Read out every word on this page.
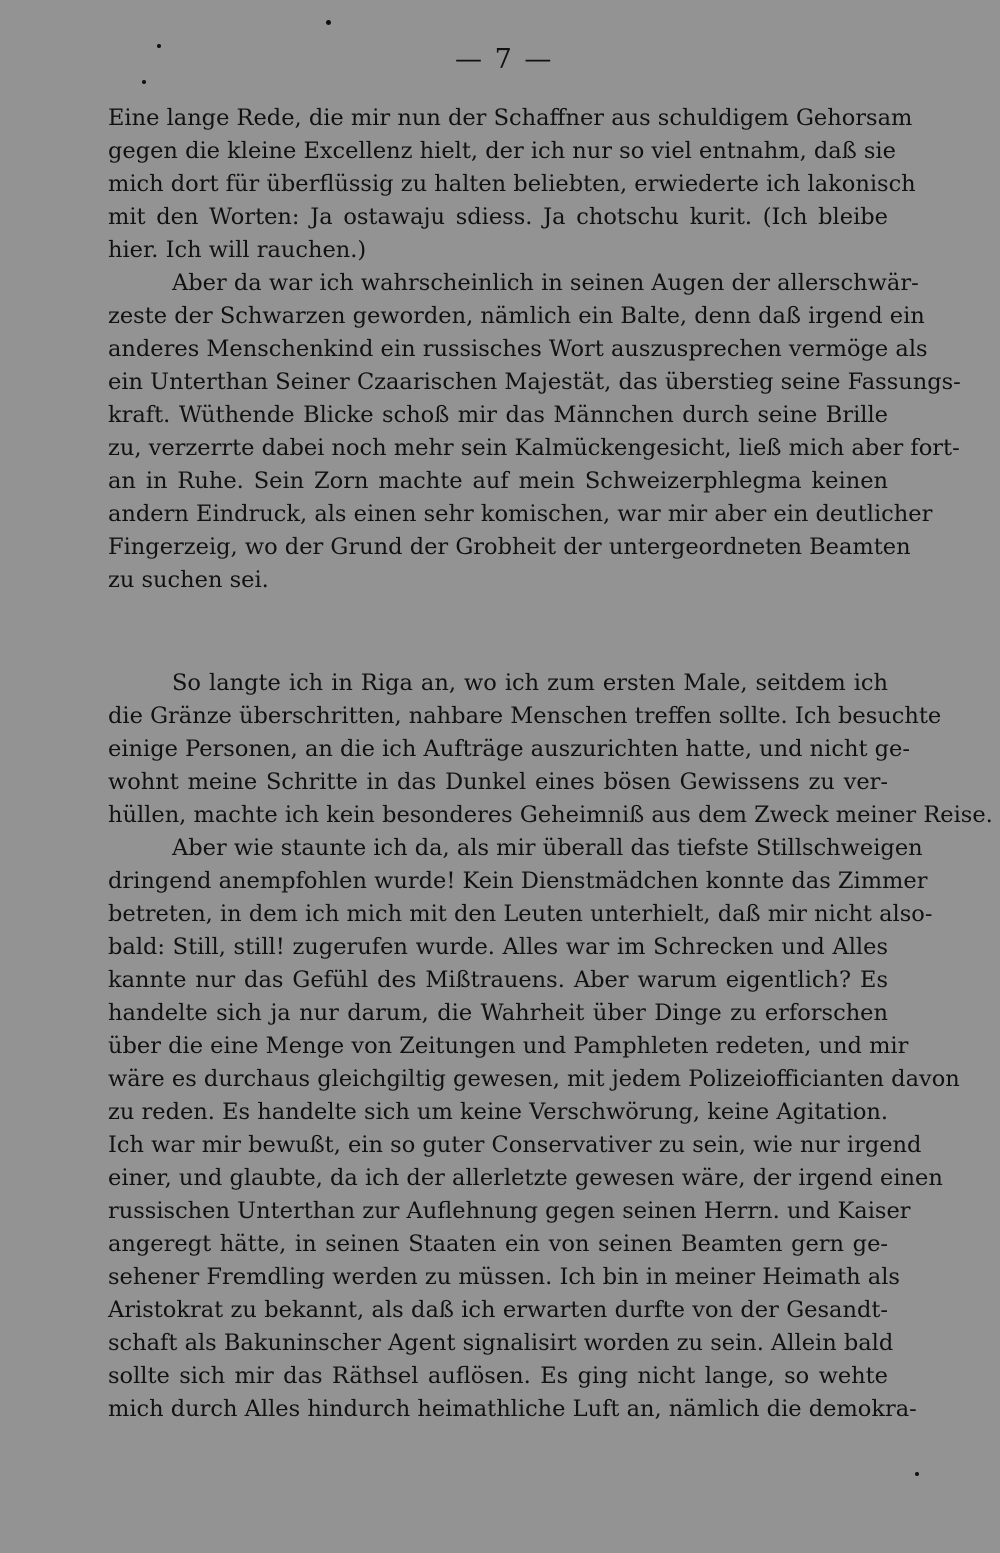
— 7 —
Eine lange Rede, die mir nun der Schaffner aus schuldigem Gehorsam
gegen die kleine Excellenz hielt, der ich nur so viel entnahm, daß sie
mich dort für überflüssig zu halten beliebten, erwiederte ich lakonisch
mit den Worten: Ja ostawaju sdiess. Ja chotschu kurit. (Ich bleibe
hier. Ich will rauchen.)
Aber da war ich wahrscheinlich in seinen Augen der allerschwär-
zeste der Schwarzen geworden, nämlich ein Balte, denn daß irgend ein
anderes Menschenkind ein russisches Wort auszusprechen vermöge als
ein Unterthan Seiner Czaarischen Majestät, das überstieg seine Fassungs-
kraft. Wüthende Blicke schoß mir das Männchen durch seine Brille
zu, verzerrte dabei noch mehr sein Kalmückengesicht, ließ mich aber fort-
an in Ruhe. Sein Zorn machte auf mein Schweizerphlegma keinen
andern Eindruck, als einen sehr komischen, war mir aber ein deutlicher
Fingerzeig, wo der Grund der Grobheit der untergeordneten Beamten
zu suchen sei.
So langte ich in Riga an, wo ich zum ersten Male, seitdem ich
die Gränze überschritten, nahbare Menschen treffen sollte. Ich besuchte
einige Personen, an die ich Aufträge auszurichten hatte, und nicht ge-
wohnt meine Schritte in das Dunkel eines bösen Gewissens zu ver-
hüllen, machte ich kein besonderes Geheimniß aus dem Zweck meiner Reise.
Aber wie staunte ich da, als mir überall das tiefste Stillschweigen
dringend anempfohlen wurde! Kein Dienstmädchen konnte das Zimmer
betreten, in dem ich mich mit den Leuten unterhielt, daß mir nicht also-
bald: Still, still! zugerufen wurde. Alles war im Schrecken und Alles
kannte nur das Gefühl des Mißtrauens. Aber warum eigentlich? Es
handelte sich ja nur darum, die Wahrheit über Dinge zu erforschen
über die eine Menge von Zeitungen und Pamphleten redeten, und mir
wäre es durchaus gleichgiltig gewesen, mit jedem Polizeiofficianten davon
zu reden. Es handelte sich um keine Verschwörung, keine Agitation.
Ich war mir bewußt, ein so guter Conservativer zu sein, wie nur irgend
einer, und glaubte, da ich der allerletzte gewesen wäre, der irgend einen
russischen Unterthan zur Auflehnung gegen seinen Herrn. und Kaiser
angeregt hätte, in seinen Staaten ein von seinen Beamten gern ge-
sehener Fremdling werden zu müssen. Ich bin in meiner Heimath als
Aristokrat zu bekannt, als daß ich erwarten durfte von der Gesandt-
schaft als Bakuninscher Agent signalisirt worden zu sein. Allein bald
sollte sich mir das Räthsel auflösen. Es ging nicht lange, so wehte
mich durch Alles hindurch heimathliche Luft an, nämlich die demokra-
